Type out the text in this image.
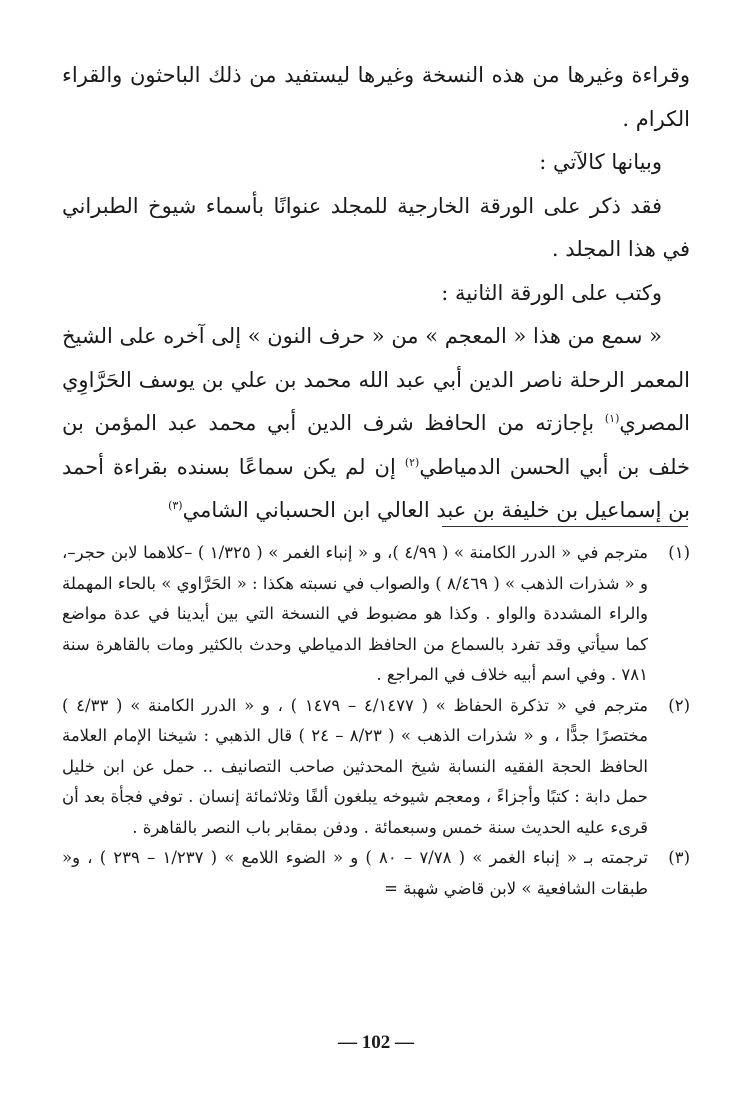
وقراءة وغيرها من هذه النسخة وغيرها ليستفيد من ذلك الباحثون والقراء الكرام .

وبيانها كالآتي :

فقد ذكر على الورقة الخارجية للمجلد عنوانًا بأسماء شيوخ الطبراني في هذا المجلد .

وكتب على الورقة الثانية :

« سمع من هذا « المعجم » من « حرف النون » إلى آخره على الشيخ المعمر الرحلة ناصر الدين أبي عبد الله محمد بن علي بن يوسف الحَرَّاوِي المصري$^{(١)}$ بإجازته من الحافظ شرف الدين أبي محمد عبد المؤمن بن خلف بن أبي الحسن الدمياطي$^{(٢)}$ إن لم يكن سماعًا بسنده بقراءة أحمد بن إسماعيل بن خليفة بن عبد العالي ابن الحسباني الشامي$^{(٣)}$

(١)

مترجم في « الدرر الكامنة » ( ٤/٩٩ )، و « إنباء الغمر » ( ١/٣٢٥ ) –كلاهما لابن حجر–، و « شذرات الذهب » ( ٨/٤٦٩ ) والصواب في نسبته هكذا : « الحَرَّاوي » بالحاء المهملة والراء المشددة والواو . وكذا هو مضبوط في النسخة التي بين أيدينا في عدة مواضع كما سيأتي وقد تفرد بالسماع من الحافظ الدمياطي وحدث بالكثير ومات بالقاهرة سنة ٧٨١ . وفي اسم أبيه خلاف في المراجع .

(٢)

مترجم في « تذكرة الحفاظ » ( ٤/١٤٧٧ – ١٤٧٩ ) ، و « الدرر الكامنة » ( ٤/٣٣ ) مختصرًا جدًّا ، و « شذرات الذهب » ( ٨/٢٣ – ٢٤ ) قال الذهبي : شيخنا الإمام العلامة الحافظ الحجة الفقيه النسابة شيخ المحدثين صاحب التصانيف .. حمل عن ابن خليل حمل دابة : كتبًا وأجزاءً ، ومعجم شيوخه يبلغون ألفًا وثلاثمائة إنسان . توفي فجأة بعد أن قرىء عليه الحديث سنة خمس وسبعمائة . ودفن بمقابر باب النصر بالقاهرة .

(٣)

ترجمته بـ « إنباء الغمر » ( ٧/٧٨ – ٨٠ ) و « الضوء اللامع » ( ١/٢٣٧ – ٢٣٩ ) ، و« طبقات الشافعية » لابن قاضي شهبة =

— 102 —
